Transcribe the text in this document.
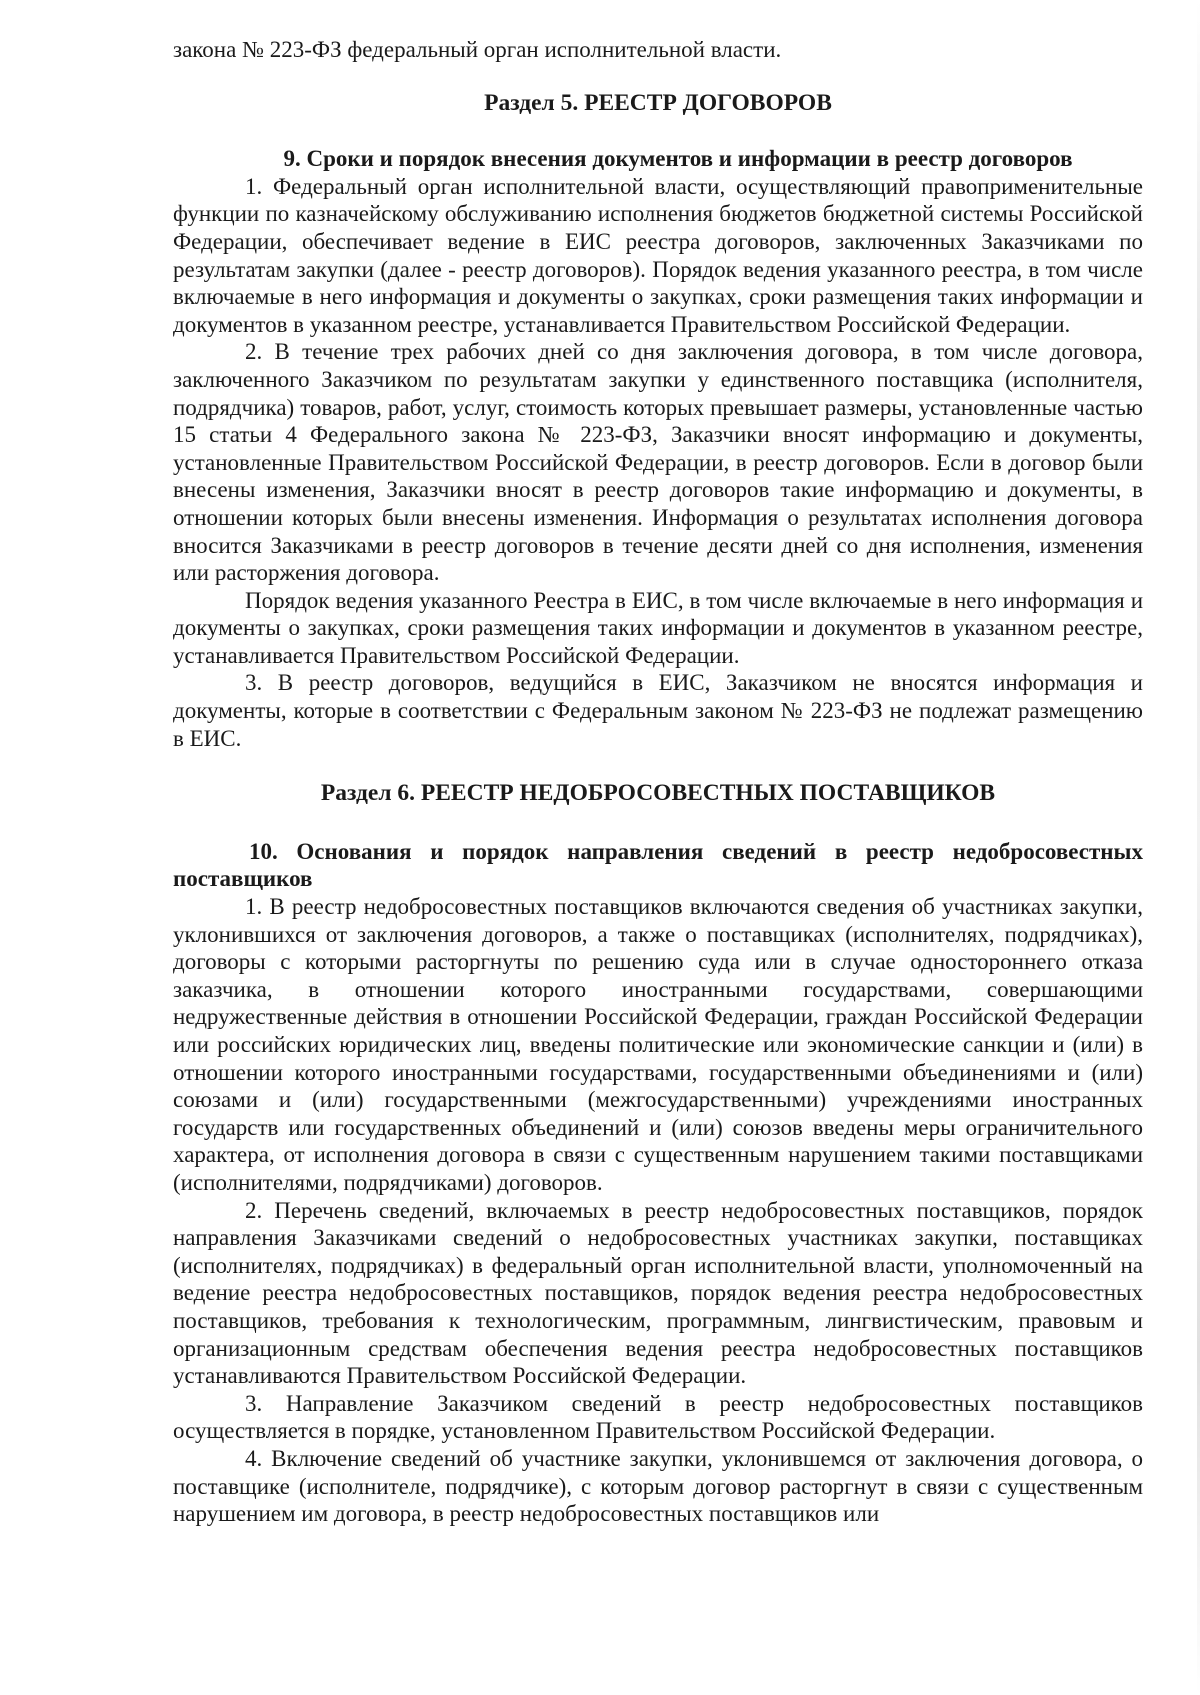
закона № 223-ФЗ федеральный орган исполнительной власти.

Раздел 5. РЕЕСТР ДОГОВОРОВ

9. Сроки и порядок внесения документов и информации в реестр договоров

1. Федеральный орган исполнительной власти, осуществляющий правоприменительные функции по казначейскому обслуживанию исполнения бюджетов бюджетной системы Российской Федерации, обеспечивает ведение в ЕИС реестра договоров, заключенных Заказчиками по результатам закупки (далее - реестр договоров). Порядок ведения указанного реестра, в том числе включаемые в него информация и документы о закупках, сроки размещения таких информации и документов в указанном реестре, устанавливается Правительством Российской Федерации.

2. В течение трех рабочих дней со дня заключения договора, в том числе договора, заключенного Заказчиком по результатам закупки у единственного поставщика (исполнителя, подрядчика) товаров, работ, услуг, стоимость которых превышает размеры, установленные частью 15 статьи 4 Федерального закона № 223-ФЗ, Заказчики вносят информацию и документы, установленные Правительством Российской Федерации, в реестр договоров. Если в договор были внесены изменения, Заказчики вносят в реестр договоров такие информацию и документы, в отношении которых были внесены изменения. Информация о результатах исполнения договора вносится Заказчиками в реестр договоров в течение десяти дней со дня исполнения, изменения или расторжения договора.

Порядок ведения указанного Реестра в ЕИС, в том числе включаемые в него информация и документы о закупках, сроки размещения таких информации и документов в указанном реестре, устанавливается Правительством Российской Федерации.

3. В реестр договоров, ведущийся в ЕИС, Заказчиком не вносятся информация и документы, которые в соответствии с Федеральным законом № 223-ФЗ не подлежат размещению в ЕИС.

Раздел 6. РЕЕСТР НЕДОБРОСОВЕСТНЫХ ПОСТАВЩИКОВ

10. Основания и порядок направления сведений в реестр недобросовестных поставщиков

1. В реестр недобросовестных поставщиков включаются сведения об участниках закупки, уклонившихся от заключения договоров, а также о поставщиках (исполнителях, подрядчиках), договоры с которыми расторгнуты по решению суда или в случае одностороннего отказа заказчика, в отношении которого иностранными государствами, совершающими недружественные действия в отношении Российской Федерации, граждан Российской Федерации или российских юридических лиц, введены политические или экономические санкции и (или) в отношении которого иностранными государствами, государственными объединениями и (или) союзами и (или) государственными (межгосударственными) учреждениями иностранных государств или государственных объединений и (или) союзов введены меры ограничительного характера, от исполнения договора в связи с существенным нарушением такими поставщиками (исполнителями, подрядчиками) договоров.

2. Перечень сведений, включаемых в реестр недобросовестных поставщиков, порядок направления Заказчиками сведений о недобросовестных участниках закупки, поставщиках (исполнителях, подрядчиках) в федеральный орган исполнительной власти, уполномоченный на ведение реестра недобросовестных поставщиков, порядок ведения реестра недобросовестных поставщиков, требования к технологическим, программным, лингвистическим, правовым и организационным средствам обеспечения ведения реестра недобросовестных поставщиков устанавливаются Правительством Российской Федерации.

3. Направление Заказчиком сведений в реестр недобросовестных поставщиков осуществляется в порядке, установленном Правительством Российской Федерации.

4. Включение сведений об участнике закупки, уклонившемся от заключения договора, о поставщике (исполнителе, подрядчике), с которым договор расторгнут в связи с существенным нарушением им договора, в реестр недобросовестных поставщиков или
